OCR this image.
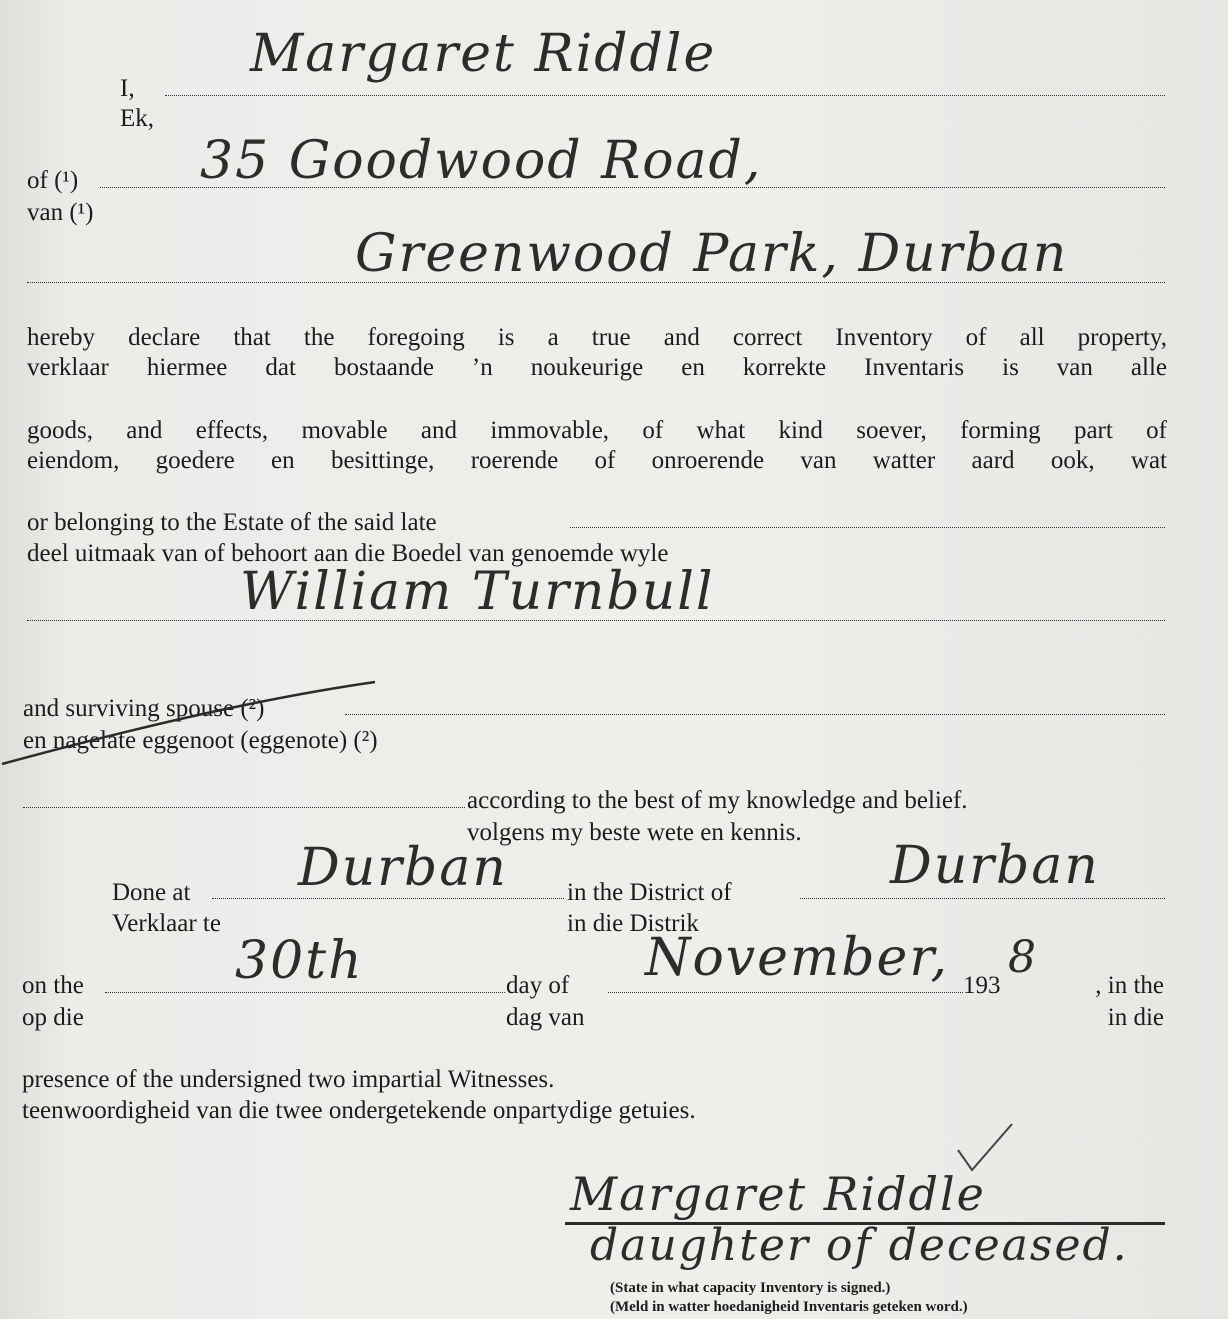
I,
Ek,
Margaret Riddle
of (¹)
van (¹)
35 Goodwood Road,
Greenwood Park, Durban
hereby declare that the foregoing is a true and correct Inventory of all property,
verklaar hiermee dat bostaande ’n noukeurige en korrekte Inventaris is van alle
goods, and effects, movable and immovable, of what kind soever, forming part of
eiendom, goedere en besittinge, roerende of onroerende van watter aard ook, wat
or belonging to the Estate of the said late
deel uitmaak van of behoort aan die Boedel van genoemde wyle
William Turnbull
and surviving spouse (²)
en nagelate eggenoot (eggenote) (²)
according to the best of my knowledge and belief.
volgens my beste wete en kennis.
Done at
Verklaar te
Durban in the District of
in die Distrik
Durban
on the
op die
30th	day of
dag van
November, 193
8
, in the
in die
presence of the undersigned two impartial Witnesses.
teenwoordigheid van die twee ondergetekende onpartydige getuies.
Margaret Riddle
daughter of deceased.
(State in what capacity Inventory is signed.)
(Meld in watter hoedanigheid Inventaris geteken word.)
